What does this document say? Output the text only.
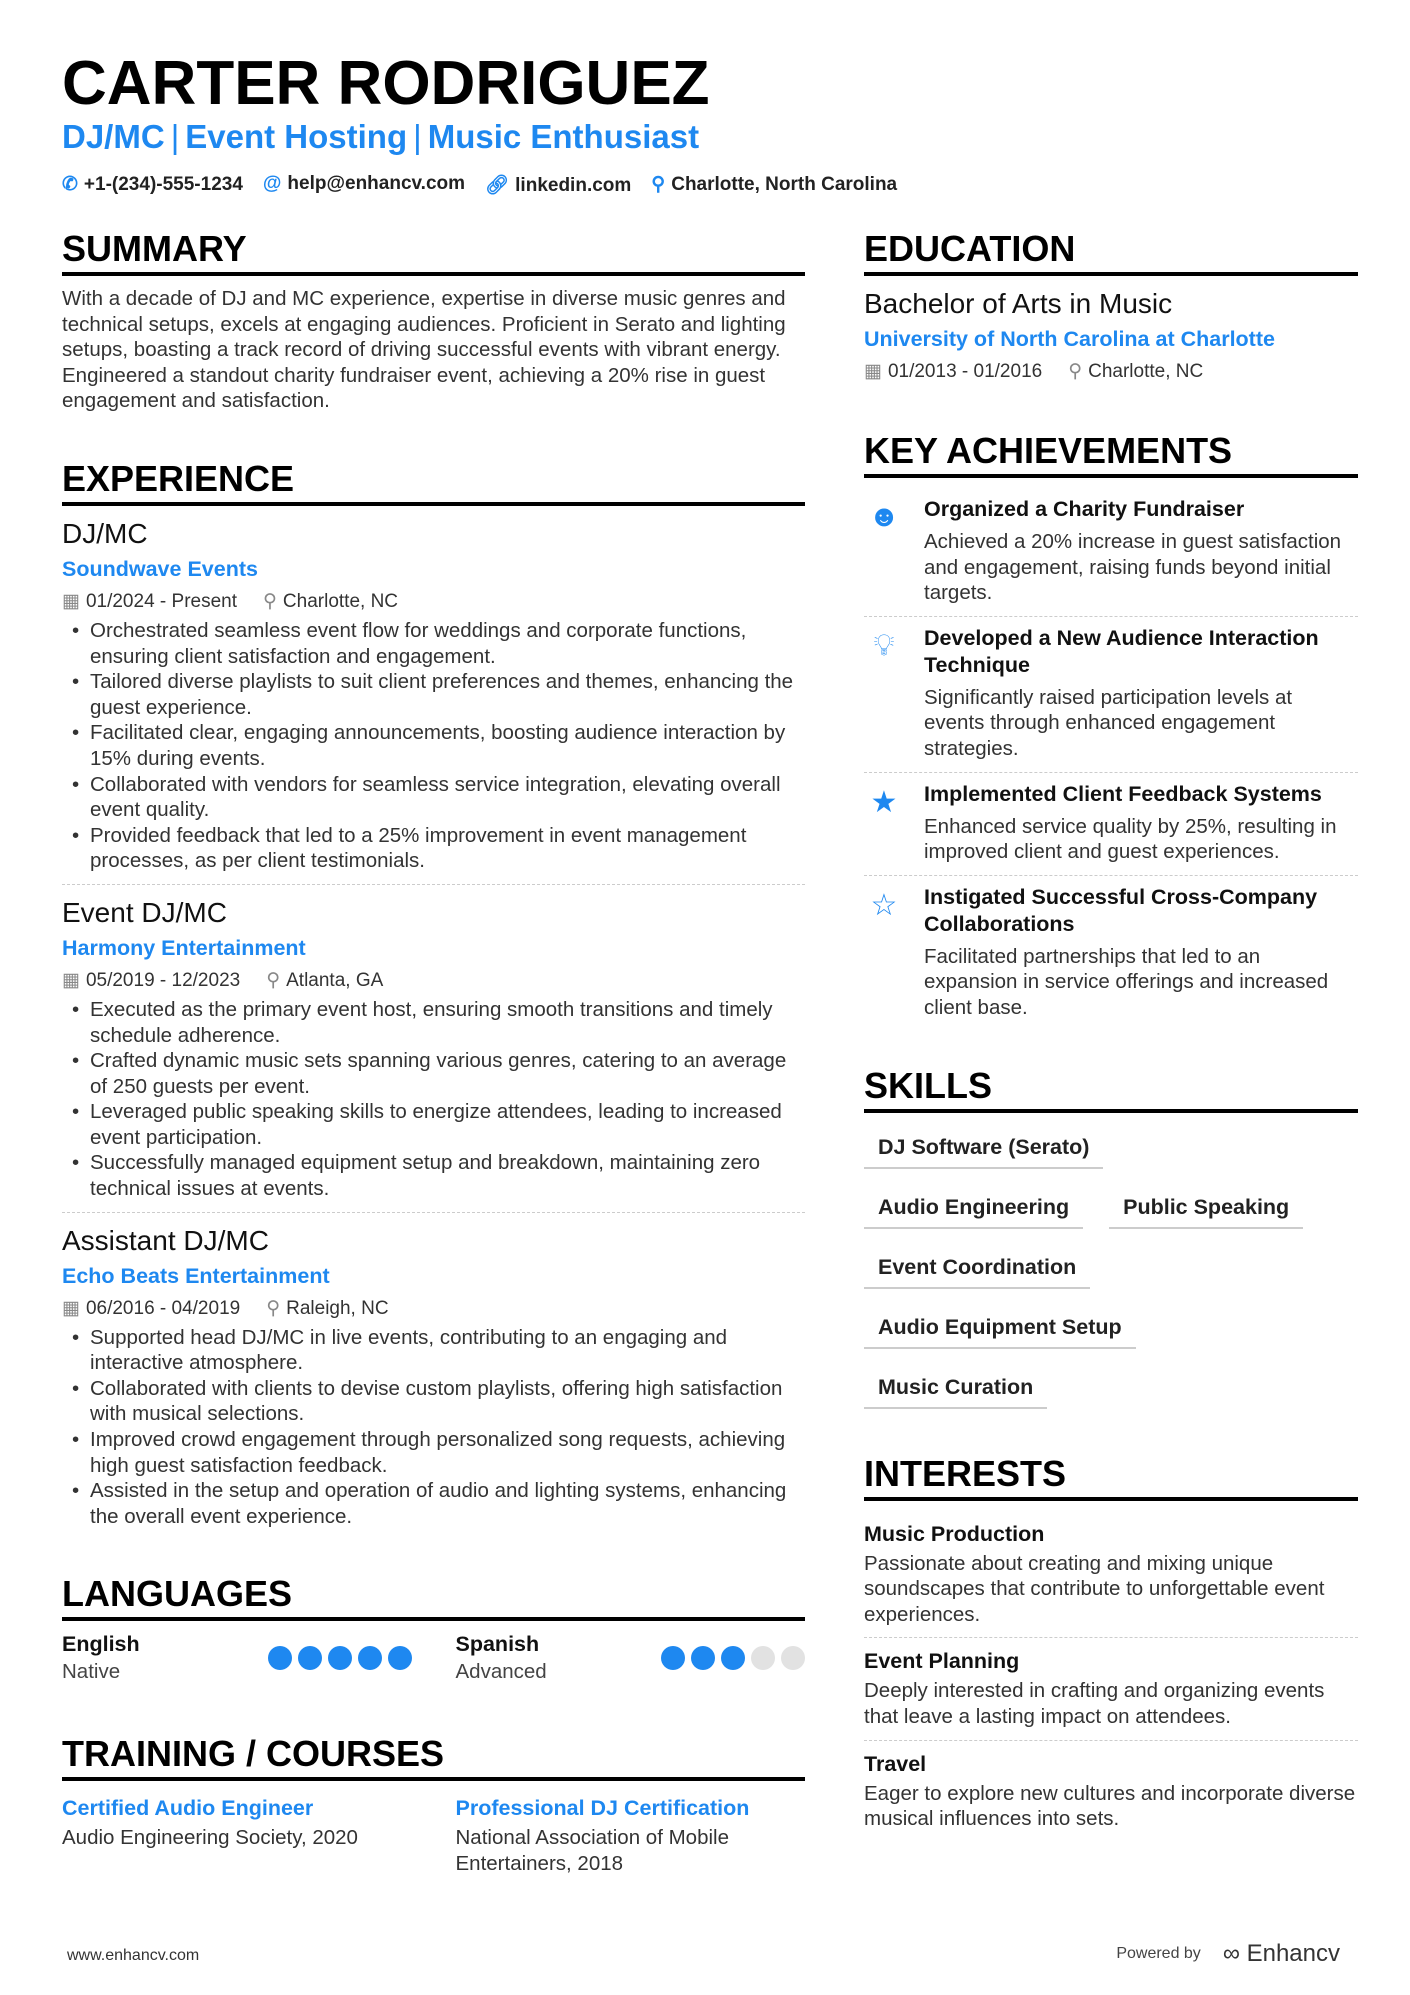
CARTER RODRIGUEZ
DJ/MC | Event Hosting | Music Enthusiast
✆ +1-(234)-555-1234 @ help@enhancv.com 🔗︎ linkedin.com ⚲ Charlotte, North Carolina
SUMMARY

With a decade of DJ and MC experience, expertise in diverse music genres and technical setups, excels at engaging audiences. Proficient in Serato and lighting setups, boasting a track record of driving successful events with vibrant energy. Engineered a standout charity fundraiser event, achieving a 20% rise in guest engagement and satisfaction.

EXPERIENCE
DJ/MC
Soundwave Events
▦ 01/2024 - Present ⚲ Charlotte, NC
• Orchestrated seamless event flow for weddings and corporate functions, ensuring client satisfaction and engagement.
• Tailored diverse playlists to suit client preferences and themes, enhancing the guest experience.
• Facilitated clear, engaging announcements, boosting audience interaction by 15% during events.
• Collaborated with vendors for seamless service integration, elevating overall event quality.
• Provided feedback that led to a 25% improvement in event management processes, as per client testimonials.
Event DJ/MC
Harmony Entertainment
▦ 05/2019 - 12/2023 ⚲ Atlanta, GA
• Executed as the primary event host, ensuring smooth transitions and timely schedule adherence.
• Crafted dynamic music sets spanning various genres, catering to an average of 250 guests per event.
• Leveraged public speaking skills to energize attendees, leading to increased event participation.
• Successfully managed equipment setup and breakdown, maintaining zero technical issues at events.
Assistant DJ/MC
Echo Beats Entertainment
▦ 06/2016 - 04/2019 ⚲ Raleigh, NC
• Supported head DJ/MC in live events, contributing to an engaging and interactive atmosphere.
• Collaborated with clients to devise custom playlists, offering high satisfaction with musical selections.
• Improved crowd engagement through personalized song requests, achieving high guest satisfaction feedback.
• Assisted in the setup and operation of audio and lighting systems, enhancing the overall event experience.
LANGUAGES
English
Native
Spanish
Advanced
TRAINING / COURSES
Certified Audio Engineer
Audio Engineering Society, 2020
Professional DJ Certification
National Association of Mobile Entertainers, 2018
EDUCATION
Bachelor of Arts in Music
University of North Carolina at Charlotte
▦ 01/2013 - 01/2016 ⚲ Charlotte, NC
KEY ACHIEVEMENTS
☻ Organized a Charity Fundraiser
Achieved a 20% increase in guest satisfaction and engagement, raising funds beyond initial targets.
💡︎	Developed a New Audience Interaction Technique
Significantly raised participation levels at events through enhanced engagement strategies.
★	Implemented Client Feedback Systems
Enhanced service quality by 25%, resulting in improved client and guest experiences.
☆	Instigated Successful Cross-Company Collaborations
Facilitated partnerships that led to an expansion in service offerings and increased client base.
SKILLS
DJ Software (Serato)
Audio Engineering	Public Speaking
Event Coordination
Audio Equipment Setup
Music Curation
INTERESTS
Music Production
Passionate about creating and mixing unique soundscapes that contribute to unforgettable event experiences.
Event Planning
Deeply interested in crafting and organizing events that leave a lasting impact on attendees.
Travel
Eager to explore new cultures and incorporate diverse musical influences into sets.
www.enhancv.com	Powered by ∞ Enhancv
